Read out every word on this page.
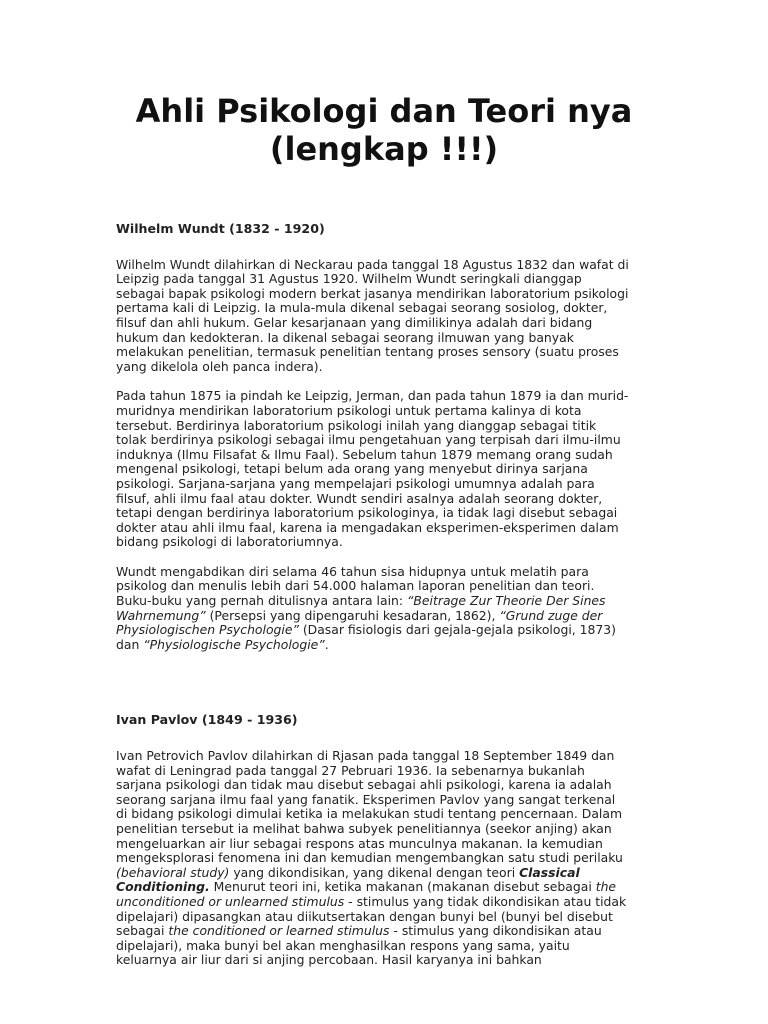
Ahli Psikologi dan Teori nya
(lengkap !!!)
Wilhelm Wundt (1832 - 1920)
Wilhelm Wundt dilahirkan di Neckarau pada tanggal 18 Agustus 1832 dan wafat di
Leipzig pada tanggal 31 Agustus 1920. Wilhelm Wundt seringkali dianggap
sebagai bapak psikologi modern berkat jasanya mendirikan laboratorium psikologi
pertama kali di Leipzig. Ia mula-mula dikenal sebagai seorang sosiolog, dokter,
filsuf dan ahli hukum. Gelar kesarjanaan yang dimilikinya adalah dari bidang
hukum dan kedokteran. Ia dikenal sebagai seorang ilmuwan yang banyak
melakukan penelitian, termasuk penelitian tentang proses sensory (suatu proses
yang dikelola oleh panca indera).
Pada tahun 1875 ia pindah ke Leipzig, Jerman, dan pada tahun 1879 ia dan murid-
muridnya mendirikan laboratorium psikologi untuk pertama kalinya di kota
tersebut. Berdirinya laboratorium psikologi inilah yang dianggap sebagai titik
tolak berdirinya psikologi sebagai ilmu pengetahuan yang terpisah dari ilmu-ilmu
induknya (Ilmu Filsafat & Ilmu Faal). Sebelum tahun 1879 memang orang sudah
mengenal psikologi, tetapi belum ada orang yang menyebut dirinya sarjana
psikologi. Sarjana-sarjana yang mempelajari psikologi umumnya adalah para
filsuf, ahli ilmu faal atau dokter. Wundt sendiri asalnya adalah seorang dokter,
tetapi dengan berdirinya laboratorium psikologinya, ia tidak lagi disebut sebagai
dokter atau ahli ilmu faal, karena ia mengadakan eksperimen-eksperimen dalam
bidang psikologi di laboratoriumnya.
Wundt mengabdikan diri selama 46 tahun sisa hidupnya untuk melatih para
psikolog dan menulis lebih dari 54.000 halaman laporan penelitian dan teori.
Buku-buku yang pernah ditulisnya antara lain: “Beitrage Zur Theorie Der Sines
Wahrnemung” (Persepsi yang dipengaruhi kesadaran, 1862), “Grund zuge der
Physiologischen Psychologie” (Dasar fisiologis dari gejala-gejala psikologi, 1873)
dan “Physiologische Psychologie”.
Ivan Pavlov (1849 - 1936)
Ivan Petrovich Pavlov dilahirkan di Rjasan pada tanggal 18 September 1849 dan
wafat di Leningrad pada tanggal 27 Pebruari 1936. Ia sebenarnya bukanlah
sarjana psikologi dan tidak mau disebut sebagai ahli psikologi, karena ia adalah
seorang sarjana ilmu faal yang fanatik. Eksperimen Pavlov yang sangat terkenal
di bidang psikologi dimulai ketika ia melakukan studi tentang pencernaan. Dalam
penelitian tersebut ia melihat bahwa subyek penelitiannya (seekor anjing) akan
mengeluarkan air liur sebagai respons atas munculnya makanan. Ia kemudian
mengeksplorasi fenomena ini dan kemudian mengembangkan satu studi perilaku
(behavioral study) yang dikondisikan, yang dikenal dengan teori Classical
Conditioning. Menurut teori ini, ketika makanan (makanan disebut sebagai the
unconditioned or unlearned stimulus - stimulus yang tidak dikondisikan atau tidak
dipelajari) dipasangkan atau diikutsertakan dengan bunyi bel (bunyi bel disebut
sebagai the conditioned or learned stimulus - stimulus yang dikondisikan atau
dipelajari), maka bunyi bel akan menghasilkan respons yang sama, yaitu
keluarnya air liur dari si anjing percobaan. Hasil karyanya ini bahkan
